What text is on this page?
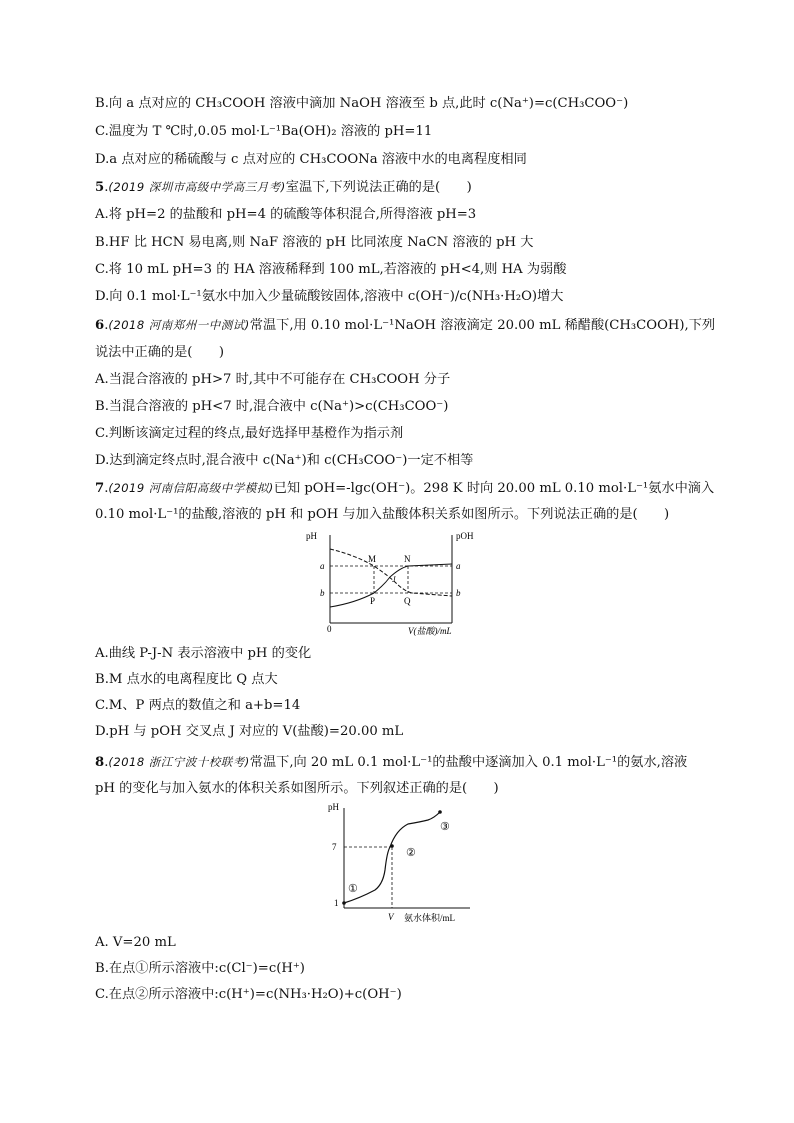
B.向 a 点对应的 CH₃COOH 溶液中滴加 NaOH 溶液至 b 点,此时 c(Na⁺)=c(CH₃COO⁻)
C.温度为 T ℃时,0.05 mol·L⁻¹Ba(OH)₂ 溶液的 pH=11
D.a 点对应的稀硫酸与 c 点对应的 CH₃COONa 溶液中水的电离程度相同
5.(2019 深圳市高级中学高三月考)室温下,下列说法正确的是(　　)
A.将 pH=2 的盐酸和 pH=4 的硫酸等体积混合,所得溶液 pH=3
B.HF 比 HCN 易电离,则 NaF 溶液的 pH 比同浓度 NaCN 溶液的 pH 大
C.将 10 mL pH=3 的 HA 溶液稀释到 100 mL,若溶液的 pH<4,则 HA 为弱酸
D.向 0.1 mol·L⁻¹氨水中加入少量硫酸铵固体,溶液中 c(OH⁻)/c(NH₃·H₂O)增大
6.(2018 河南郑州一中测试)常温下,用 0.10 mol·L⁻¹NaOH 溶液滴定 20.00 mL 稀醋酸(CH₃COOH),下列
说法中正确的是(　　)
A.当混合溶液的 pH>7 时,其中不可能存在 CH₃COOH 分子
B.当混合溶液的 pH<7 时,混合液中 c(Na⁺)>c(CH₃COO⁻)
C.判断该滴定过程的终点,最好选择甲基橙作为指示剂
D.达到滴定终点时,混合液中 c(Na⁺)和 c(CH₃COO⁻)一定不相等
7.(2019 河南信阳高级中学模拟)已知 pOH=-lgc(OH⁻)。298 K 时向 20.00 mL 0.10 mol·L⁻¹氨水中滴入
0.10 mol·L⁻¹的盐酸,溶液的 pH 和 pOH 与加入盐酸体积关系如图所示。下列说法正确的是(　　)
pH	pOH
a
b
a
b
0	V(盐酸)/mL
M	N
J
P	Q
A.曲线 P-J-N 表示溶液中 pH 的变化
B.M 点水的电离程度比 Q 点大
C.M、P 两点的数值之和 a+b=14
D.pH 与 pOH 交叉点 J 对应的 V(盐酸)=20.00 mL
8.(2018 浙江宁波十校联考)常温下,向 20 mL 0.1 mol·L⁻¹的盐酸中逐滴加入 0.1 mol·L⁻¹的氨水,溶液
pH 的变化与加入氨水的体积关系如图所示。下列叙述正确的是(　　)
pH
7
1
V 氨水体积/mL
①
②
③
A. V=20 mL
B.在点①所示溶液中:c(Cl⁻)=c(H⁺)
C.在点②所示溶液中:c(H⁺)=c(NH₃·H₂O)+c(OH⁻)
